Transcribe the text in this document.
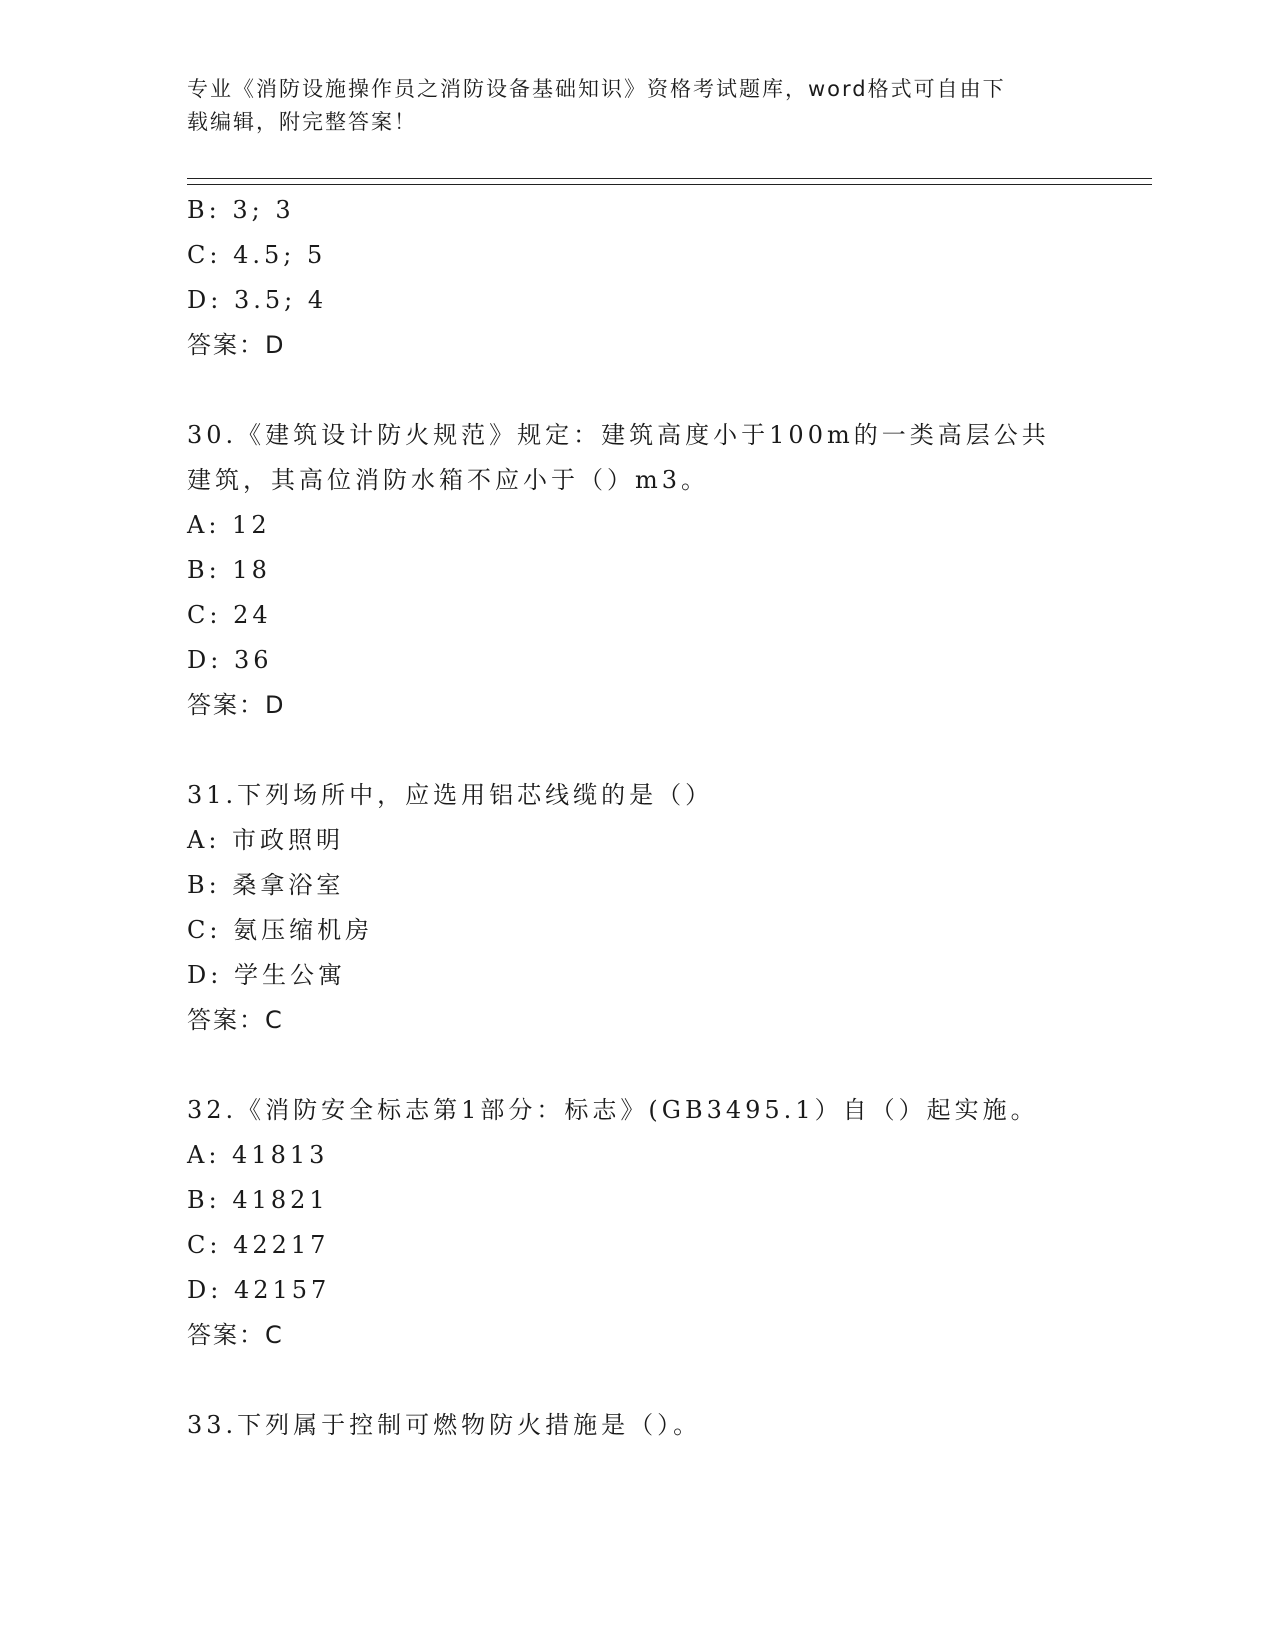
专业《消防设施操作员之消防设备基础知识》资格考试题库，word格式可自由下
载编辑，附完整答案！
B: 3; 3
C: 4.5; 5
D: 3.5; 4
答案：D
30.《建筑设计防火规范》规定：建筑高度小于100m的一类高层公共
建筑，其高位消防水箱不应小于（）m3。
A: 12
B: 18
C: 24
D: 36
答案：D
31.下列场所中，应选用铝芯线缆的是（）
A: 市政照明
B: 桑拿浴室
C: 氨压缩机房
D: 学生公寓
答案：C
32.《消防安全标志第1部分：标志》(GB3495.1）自（）起实施。
A: 41813
B: 41821
C: 42217
D: 42157
答案：C
33.下列属于控制可燃物防火措施是（）。
